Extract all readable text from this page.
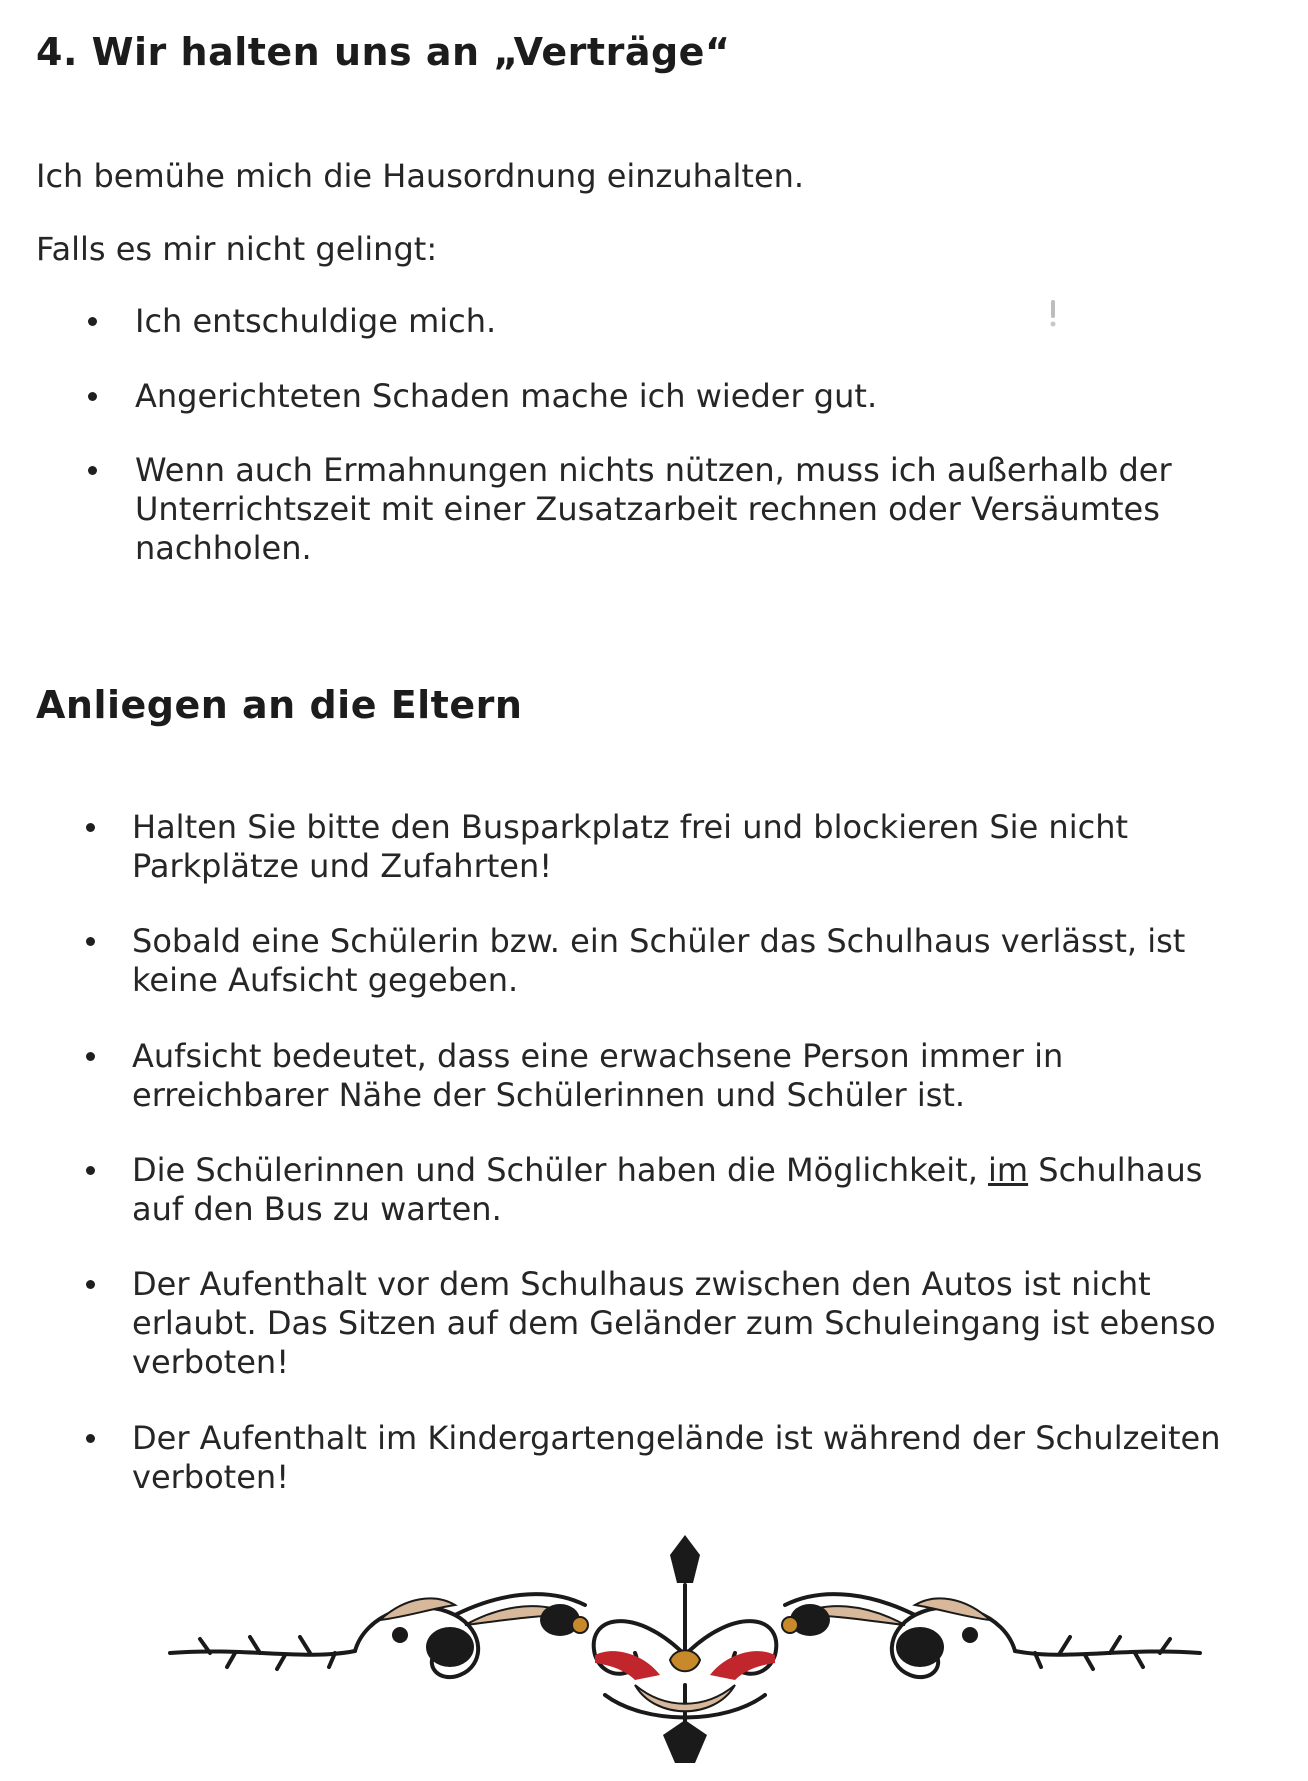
4. Wir halten uns an „Verträge“

Ich bemühe mich die Hausordnung einzuhalten.

Falls es mir nicht gelingt:

Ich entschuldige mich.
Angerichteten Schaden mache ich wieder gut.
Wenn auch Ermahnungen nichts nützen, muss ich außerhalb der
Unterrichtszeit mit einer Zusatzarbeit rechnen oder Versäumtes
nachholen.
Anliegen an die Eltern
Halten Sie bitte den Busparkplatz frei und blockieren Sie nicht
Parkplätze und Zufahrten!
Sobald eine Schülerin bzw. ein Schüler das Schulhaus verlässt, ist
keine Aufsicht gegeben.
Aufsicht bedeutet, dass eine erwachsene Person immer in
erreichbarer Nähe der Schülerinnen und Schüler ist.
Die Schülerinnen und Schüler haben die Möglichkeit, im Schulhaus
auf den Bus zu warten.
Der Aufenthalt vor dem Schulhaus zwischen den Autos ist nicht
erlaubt. Das Sitzen auf dem Geländer zum Schuleingang ist ebenso
verboten!
Der Aufenthalt im Kindergartengelände ist während der Schulzeiten
verboten!
